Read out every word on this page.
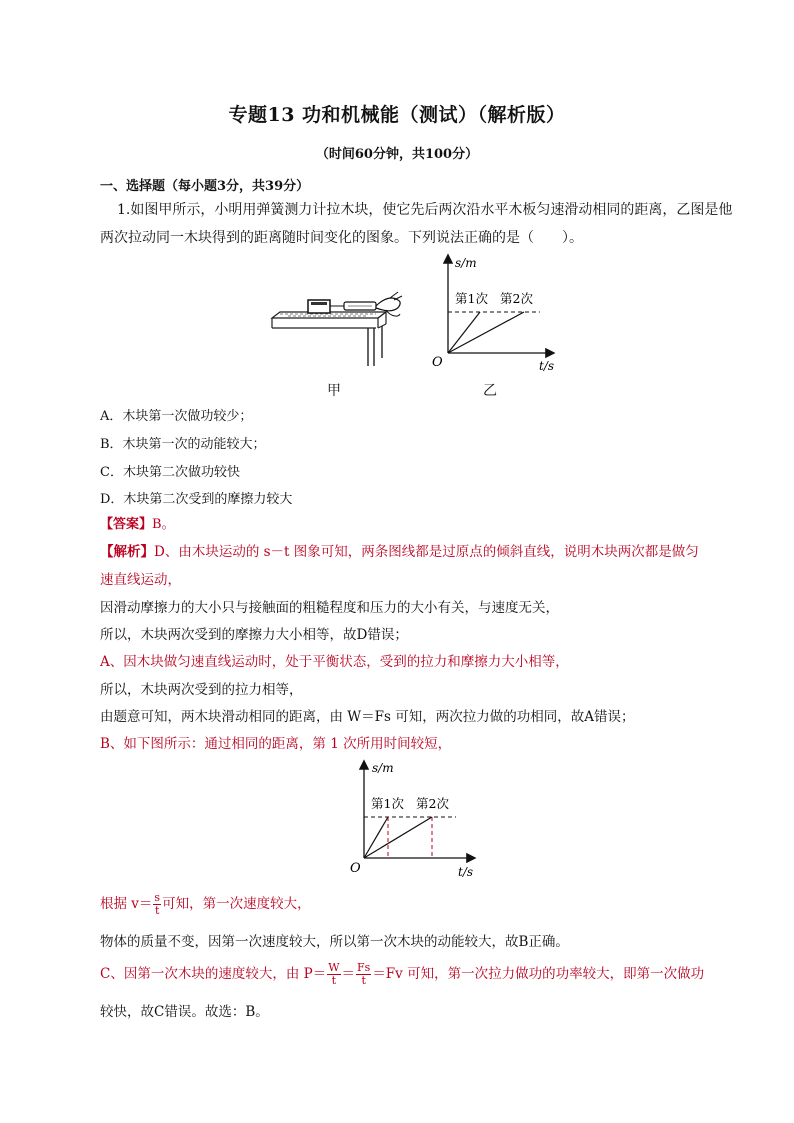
专题13 功和机械能（测试）（解析版）
（时间60分钟，共100分）
一、选择题（每小题3分，共39分）
1.如图甲所示，小明用弹簧测力计拉木块，使它先后两次沿水平木板匀速滑动相同的距离，乙图是他
两次拉动同一木块得到的距离随时间变化的图象。下列说法正确的是（　　）。
s/m
t/s
O
第1次 第2次
甲	乙
A．木块第一次做功较少；
B．木块第一次的动能较大；
C．木块第二次做功较快
D．木块第二次受到的摩擦力较大
【答案】B。
【解析】D、由木块运动的 s－t 图象可知，两条图线都是过原点的倾斜直线，说明木块两次都是做匀
速直线运动，
因滑动摩擦力的大小只与接触面的粗糙程度和压力的大小有关，与速度无关，
所以，木块两次受到的摩擦力大小相等，故D错误；
A、因木块做匀速直线运动时，处于平衡状态，受到的拉力和摩擦力大小相等，
所以，木块两次受到的拉力相等，
由题意可知，两木块滑动相同的距离，由 W＝Fs 可知，两次拉力做的功相同，故A错误；
B、如下图所示：通过相同的距离，第 1 次所用时间较短，
s/m
t/s
O
第1次 第2次
根据 $v= \frac{s}{t}$ 可知，第一次速度较大，
物体的质量不变，因第一次速度较大，所以第一次木块的动能较大，故B正确。
C、因第一次木块的速度较大，由 $P= \frac{W}{t} = \frac{Fs}{t} =Fv$ 可知，第一次拉力做功的功率较大，即第一次做功
较快，故C错误。故选：B。
